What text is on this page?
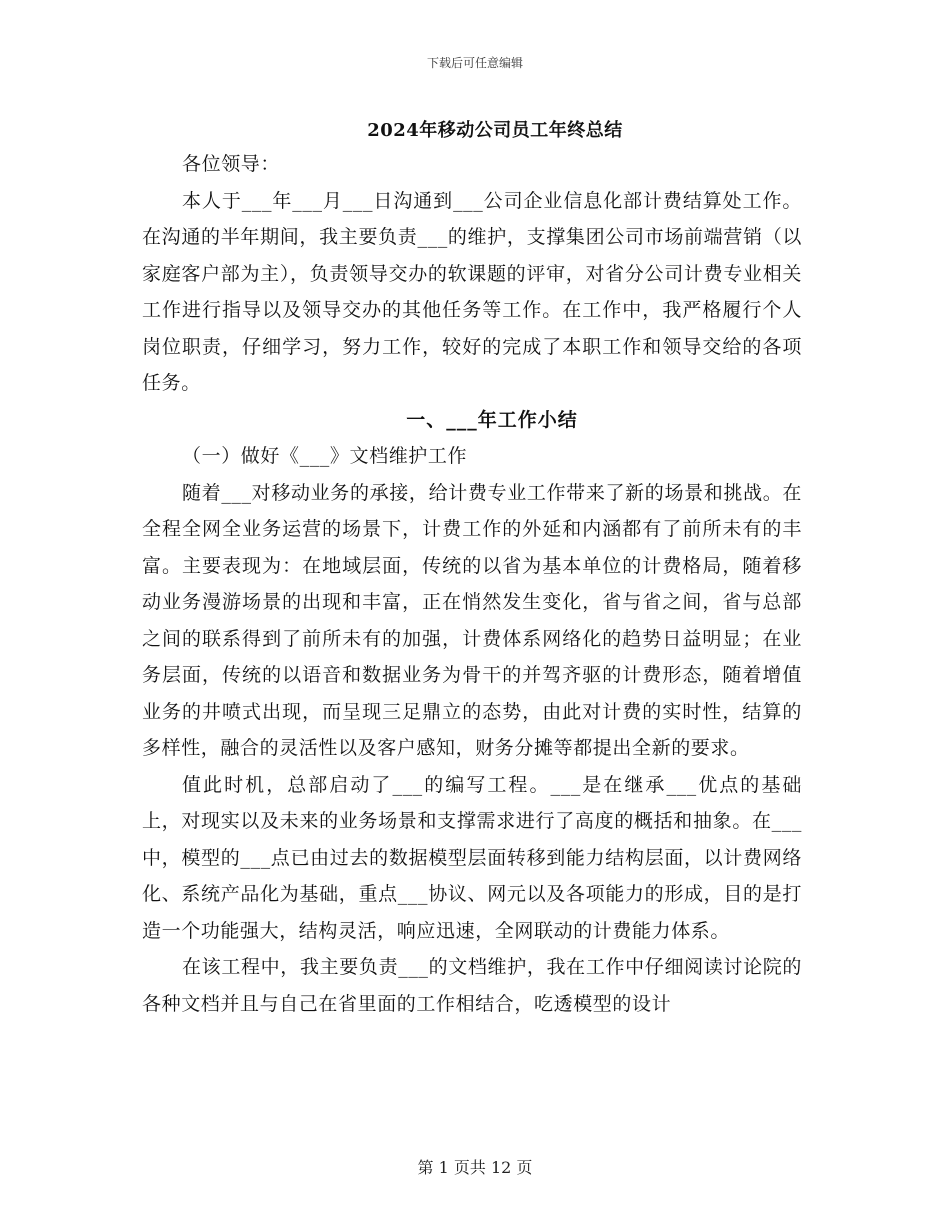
下载后可任意编辑
2024年移动公司员工年终总结

各位领导：

本人于___年___月___日沟通到___公司企业信息化部计费结算处工作。在沟通的半年期间，我主要负责___的维护，支撑集团公司市场前端营销（以家庭客户部为主），负责领导交办的软课题的评审，对省分公司计费专业相关工作进行指导以及领导交办的其他任务等工作。在工作中，我严格履行个人岗位职责，仔细学习，努力工作，较好的完成了本职工作和领导交给的各项任务。

一、___年工作小结

（一）做好《___》文档维护工作

随着___对移动业务的承接，给计费专业工作带来了新的场景和挑战。在全程全网全业务运营的场景下，计费工作的外延和内涵都有了前所未有的丰富。主要表现为：在地域层面，传统的以省为基本单位的计费格局，随着移动业务漫游场景的出现和丰富，正在悄然发生变化，省与省之间，省与总部之间的联系得到了前所未有的加强，计费体系网络化的趋势日益明显；在业务层面，传统的以语音和数据业务为骨干的并驾齐驱的计费形态，随着增值业务的井喷式出现，而呈现三足鼎立的态势，由此对计费的实时性，结算的多样性，融合的灵活性以及客户感知，财务分摊等都提出全新的要求。

值此时机，总部启动了___的编写工程。___是在继承___优点的基础上，对现实以及未来的业务场景和支撑需求进行了高度的概括和抽象。在___中，模型的___点已由过去的数据模型层面转移到能力结构层面，以计费网络化、系统产品化为基础，重点___协议、网元以及各项能力的形成，目的是打造一个功能强大，结构灵活，响应迅速，全网联动的计费能力体系。

在该工程中，我主要负责___的文档维护，我在工作中仔细阅读讨论院的各种文档并且与自己在省里面的工作相结合，吃透模型的设计

第 1 页共 12 页
